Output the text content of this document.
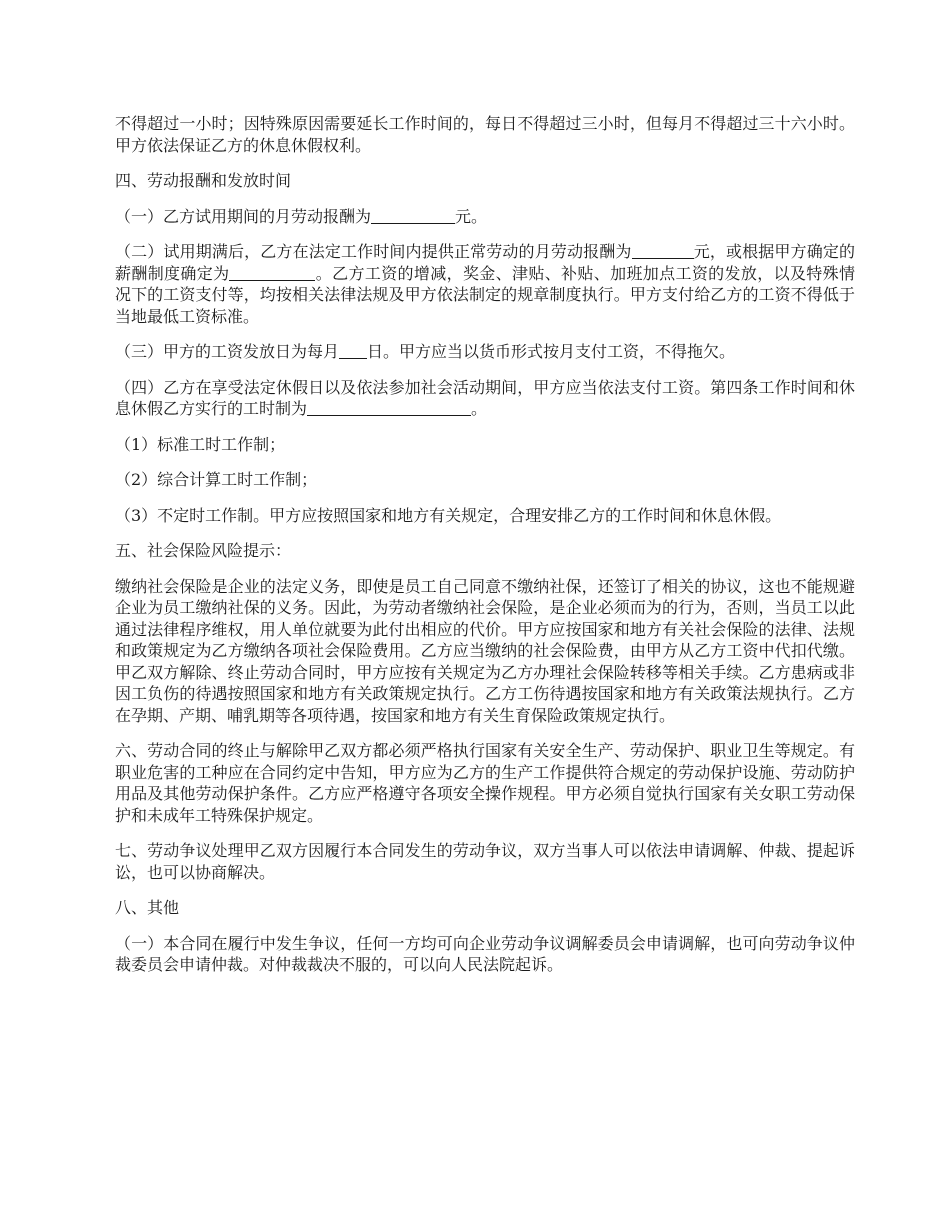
不得超过一小时；因特殊原因需要延长工作时间的，每日不得超过三小时，但每月不得超过三十六小时。甲方依法保证乙方的休息休假权利。

四、劳动报酬和发放时间

（一）乙方试用期间的月劳动报酬为	元。

（二）试用期满后，乙方在法定工作时间内提供正常劳动的月劳动报酬为	元，或根据甲方确定的薪酬制度确定为	。乙方工资的增减，奖金、津贴、补贴、加班加点工资的发放，以及特殊情况下的工资支付等，均按相关法律法规及甲方依法制定的规章制度执行。甲方支付给乙方的工资不得低于当地最低工资标准。

（三）甲方的工资发放日为每月 日。甲方应当以货币形式按月支付工资，不得拖欠。

（四）乙方在享受法定休假日以及依法参加社会活动期间，甲方应当依法支付工资。第四条工作时间和休息休假乙方实行的工时制为	。

（1）标准工时工作制；

（2）综合计算工时工作制；

（3）不定时工作制。甲方应按照国家和地方有关规定，合理安排乙方的工作时间和休息休假。

五、社会保险风险提示：

缴纳社会保险是企业的法定义务，即使是员工自己同意不缴纳社保，还签订了相关的协议，这也不能规避企业为员工缴纳社保的义务。因此，为劳动者缴纳社会保险，是企业必须而为的行为，否则，当员工以此通过法律程序维权，用人单位就要为此付出相应的代价。甲方应按国家和地方有关社会保险的法律、法规和政策规定为乙方缴纳各项社会保险费用。乙方应当缴纳的社会保险费，由甲方从乙方工资中代扣代缴。甲乙双方解除、终止劳动合同时，甲方应按有关规定为乙方办理社会保险转移等相关手续。乙方患病或非因工负伤的待遇按照国家和地方有关政策规定执行。乙方工伤待遇按国家和地方有关政策法规执行。乙方在孕期、产期、哺乳期等各项待遇，按国家和地方有关生育保险政策规定执行。

六、劳动合同的终止与解除甲乙双方都必须严格执行国家有关安全生产、劳动保护、职业卫生等规定。有职业危害的工种应在合同约定中告知，甲方应为乙方的生产工作提供符合规定的劳动保护设施、劳动防护用品及其他劳动保护条件。乙方应严格遵守各项安全操作规程。甲方必须自觉执行国家有关女职工劳动保护和未成年工特殊保护规定。

七、劳动争议处理甲乙双方因履行本合同发生的劳动争议，双方当事人可以依法申请调解、仲裁、提起诉讼，也可以协商解决。

八、其他

（一）本合同在履行中发生争议，任何一方均可向企业劳动争议调解委员会申请调解，也可向劳动争议仲裁委员会申请仲裁。对仲裁裁决不服的，可以向人民法院起诉。
